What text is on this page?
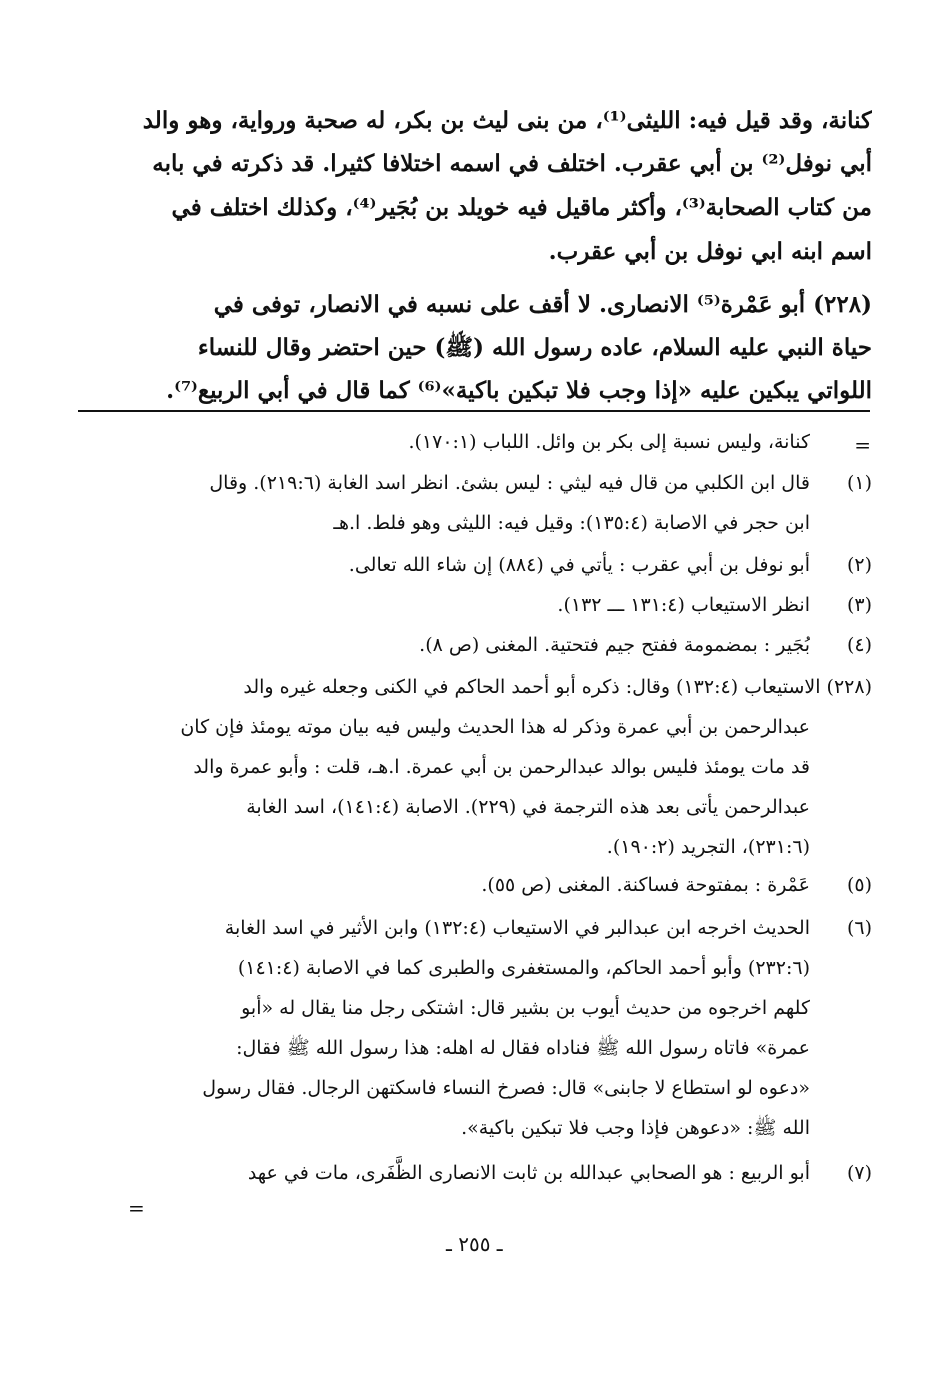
كنانة، وقد قيل فيه: الليثى⁽¹⁾، من بنى ليث بن بكر، له صحبة ورواية، وهو والد
أبي نوفل⁽²⁾ بن أبي عقرب. اختلف في اسمه اختلافا كثيرا. قد ذكرته في بابه
من كتاب الصحابة⁽³⁾، وأكثر ماقيل فيه خويلد بن بُجَير⁽⁴⁾، وكذلك اختلف في
اسم ابنه ابي نوفل بن أبي عقرب.
(٢٢٨) أبو عَمْرة⁽⁵⁾ الانصارى. لا أقف على نسبه في الانصار، توفى في
حياة النبي عليه السلام، عاده رسول الله (ﷺ) حين احتضر وقال للنساء
اللواتي يبكين عليه «إذا وجب فلا تبكين باكية»⁽⁶⁾ كما قال في أبي الربيع⁽⁷⁾.
=
كنانة، وليس نسبة إلى بكر بن وائل. اللباب (١٧٠:١).
(١)
قال ابن الكلبي من قال فيه ليثي : ليس بشئ. انظر اسد الغابة (٢١٩:٦). وقال
ابن حجر في الاصابة (١٣٥:٤): وقيل فيه: الليثى وهو فلط. ا.هـ
(٢)
أبو نوفل بن أبي عقرب : يأتي في (٨٨٤) إن شاء الله تعالى.
(٣)
انظر الاستيعاب (١٣١:٤ ـــ ١٣٢).
(٤)
بُجَير : بمضمومة ففتح جيم فتحتية. المغنى (ص ٨).
(٢٢٨) الاستيعاب (١٣٢:٤) وقال: ذكره أبو أحمد الحاكم في الكنى وجعله غيره والد
عبدالرحمن بن أبي عمرة وذكر له هذا الحديث وليس فيه بيان موته يومئذ فإن كان
قد مات يومئذ فليس بوالد عبدالرحمن بن أبي عمرة. ا.هـ، قلت : وأبو عمرة والد
عبدالرحمن يأتى بعد هذه الترجمة في (٢٢٩). الاصابة (١٤١:٤)، اسد الغابة
(٢٣١:٦)، التجريد (١٩٠:٢).
(٥)
عَمْرة : بمفتوحة فساكنة. المغنى (ص ٥٥).
(٦)
الحديث اخرجه ابن عبدالبر في الاستيعاب (١٣٢:٤) وابن الأثير في اسد الغابة
(٢٣٢:٦) وأبو أحمد الحاكم، والمستغفرى والطبرى كما في الاصابة (١٤١:٤)
كلهم اخرجوه من حديث أيوب بن بشير قال: اشتكى رجل منا يقال له «أبو
عمرة» فاتاه رسول الله ﷺ فناداه فقال له اهله: هذا رسول الله ﷺ فقال:
«دعوه لو استطاع لا جابنى» قال: فصرخ النساء فاسكتهن الرجال. فقال رسول
الله ﷺ: «دعوهن فإذا وجب فلا تبكين باكية».
(٧)
أبو الربيع : هو الصحابي عبدالله بن ثابت الانصارى الظَّفَرى، مات في عهد
=
ـ ٢٥٥ ـ
